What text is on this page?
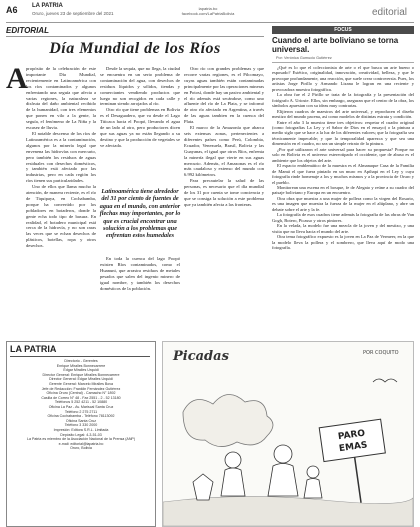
A6 LA PATRIA
Oruro, jueves 23 de septiembre del 2021
lapatria.bo
facebook.com/LaPatriaBolivia	editorial
EDITORIAL
Día Mundial de los Ríos
A

propósito de la celebración de este importante Día Mundial, recientemente en Latinoamérica con los ríos contaminados y algunos enfrentando una seguía que afecta a varias regiones, la naturaleza se disfruta del daño ambiental recibido de la humanidad, con tres elementos que ponen en vilo a la gente, la seguía, el fenómeno de La Niña y la escasez de lluvia.

El notable descenso de los ríos de Latinoamérica es a la contaminación, algunos por la minería legal que envenena las hidrovías con mercurio, pero también los residuos de aguas residuales con desechos domésticos, y también está afectado por las industrias, pero en cada región los ríos tienen sus particularidades.

Uno de ellos que llama mucho la atención, de manera reciente, es el río de Tiquipaya, en Cochabamba, porque ha convertido por los pobladores en botaderos, donde la gente echa todo tipo de basura. En realidad, el botadero municipal está cerca de la hidrovía, y no son raras las veces que se echan desechos de plásticos, botellas, ropa y otros desechos.

Desde la sequía, que no llega, la ciudad se encuentra en un serio problema de contaminación del agua, con desechos de residuos líquidos y sólidos, tiendas y comerciantes vendiendo productos que luego no son recogidos en cada calle y terminan siendo arrojados al río.

Otro río que tiene problemas en Bolivia es el Desaguadero, que va desde el Lago Titicaca hacia el Poopó, llevando el agua de un lado al otro, pero productores dicen que sus aguas ya no están llegando a su destino y que la producción de vegetales se ve afectada.

En toda la cuenca del lago Poopó existen Ríos contaminados, como el Huanuni, que arrastra residuos de metales pesados que salen del ingenio minero de igual nombre, y también los desechos domésticos de la población.

Latinoamérica tiene alrededor del 31 por ciento de fuentes de agua en el mundo, con anterior flechas muy importantes, por lo que es crucial encontrar una solución a los problemas que enfrentan estos humedales

Otro río con grandes problemas y que recorre varias regiones, es el Pilcomayo, cuyas aguas también están contaminadas principalmente por las operaciones mineras en Potosí, donde hay un pasivo ambiental y el río además está secándose, como uno afluente del río de La Plata, y se informó de otro río afectado en Argentina, a través de las aguas tambien en la cuenca del Plata.

El marco de la Amazonía que abarca seis extensas zonas, pertenecientes a diferentes países como Perú, Colombia, Ecuador, Venezuela, Brasil, Bolivia y las Guayanas, el igual que otros Ríos, enfrenta la minería ilegal que vierte en sus aguas mercurio. Además, el Amazonas es el río más caudaloso y extenso del mundo con 6.992 kilómetros.

Para precautelar la salud de las personas, es necesario que el día mundial de los 31 por cuenta se tome conciencia y que se consiga la solución a este problema que ya también afecta a las fronteras.

LA PATRIA
Directorio - Gerentes
Enrique Miralles Bonnecarrere
Edgar Miralles Urquidi
Director General: Enrique Miralles Bonnecarrere
Director General: Edgar Miralles Urquidi
Gerente General: Marcelo Miralles Bova
Jefe de Redacción: Franklin Fernández Gutiérrez
Oficina Oruro (Central) - Camacho N° 1892
Casilla de Correo N° 48 - Fax 2551 - 2 - 52 13180
Teléfonos 5 252 4211 - 52 10880
Oficina La Paz - Av. Mariscal Santa Cruz
Teléfono 2 275 2711
Oficina Cochabamba - Teléfono 78113092
Oficina Santa Cruz
Teléfono 3 330 2000
Impresión: Editora S.R.L. Limitada
Depósito Legal: 4-3-51-03
La Patria es miembro de la Asociación Nacional de la Prensa (ANP)
e-mail: editorial@lapatria.bo
Oruro, Bolivia
Picadas	POR COQUITO
PARO
EMAS
FOCUS
Cuando el arte boliviano se torna universal.
Por: Verónica Gumucio Gutiérrez

¿Qué es lo que el coleccionista de arte o el que busca un arte bueno o esposado? Estético, originalidad, innovación, creatividad, belleza, y que le provoque profundamente, una reacción, que suele crear controversia. Pues, los artistas Jorge Pirillo y Armando Lizana le logran en una reciente y provocadora muestra fotográfica.

La obra fue el 2 Pirillo se trata de la fotografía y la presentación del fotógrafo A. Urioste. Ellos, sin embargo, aseguran que el centro de la obra, los símbolos apuestan con su ideas muy contrarias.

Elijieron cuadros de maestros del arte universal, y reproducen el diseño mestizo del mundo pacena, así como modelos de distintas estrata y condición.

Entre el año 3 la muestra tiene tres objetivos: respetar el cuadro original (como fotografías La Ley y el Sabor de Dios en el ensayo) o la pintura a medio siglo que se hace a la luz de los diferentes valores; que la fotografía sea técnicamente impecable; y que la temporalidad aparezca y que sea una dimensión en el cuadro, no sea un simple retrato de la pintura.

¿Por qué utilizaron el arte universal para hacer su propuesta? Porque no solo en Bolivia es el universo estereotipado el occidente, que de abuso es el ambiente que los objetos del arte.

El espacio emblemático de la muestra es el Almanaque Casa de la Familia de Mamá el que fuera pintado en un muro en Apthapi en el Ley y cuya fotografía rinde homenaje a los y muchos mismos y a la provincia de Oruro y el pueblo.

Monitorean una escena en el bosque, fe de Alegato y reúne a su cuadro del paisaje boliviano y Europa en un encuentro.

Otra obra que muestra a una mujer de pollera como la virgen del Rosario, es una imagen que muestra la fuerza de la mujer en el altiplano, y abre un debate sobre el arte y la fe.

La fotografía de esos cuadros tiene además la fotografía de las obras de Van Gogh, Botero, Picasso y otros pintores.

En la velada, la modelo fue una mezcla de la joven y del mestizo, y una visita que no lleva hacia el mundo del arte.

Otra tema fotográfico expuesto es la joven en La Paz de Vermeer, en la que la modelo lleva la pollera y el sombrero, que lleva aquí de modo una fotografía.
